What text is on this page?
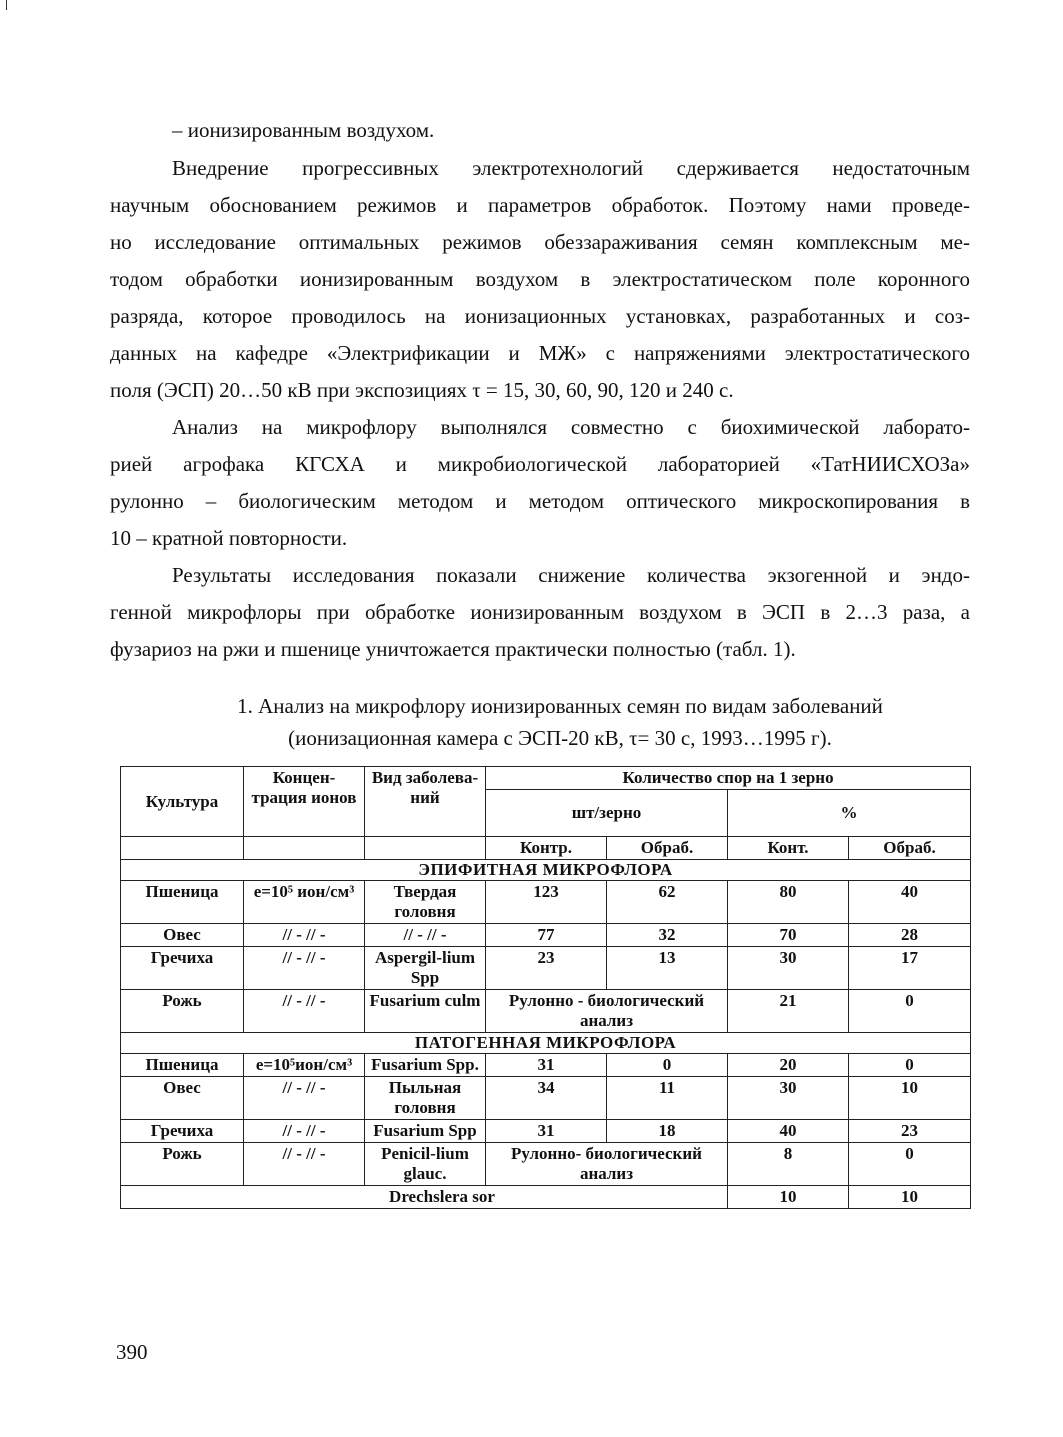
– ионизированным воздухом.
Внедрение прогрессивных электротехнологий сдерживается недостаточным
научным обоснованием режимов и параметров обработок. Поэтому нами проведе-
но исследование оптимальных режимов обеззараживания семян комплексным ме-
тодом обработки ионизированным воздухом в электростатическом поле коронного
разряда, которое проводилось на ионизационных установках, разработанных и соз-
данных на кафедре «Электрификации и МЖ» с напряжениями электростатического
поля (ЭСП) 20…50 кВ при экспозициях τ = 15, 30, 60, 90, 120 и 240 с.
Анализ на микрофлору выполнялся совместно с биохимической лаборато-
рией агрофака КГСХА и микробиологической лабораторией «ТатНИИСХОЗа»
рулонно – биологическим методом и методом оптического микроскопирования в
10 – кратной повторности.
Результаты исследования показали снижение количества экзогенной и эндо-
генной микрофлоры при обработке ионизированным воздухом в ЭСП в 2…3 раза, а
фузариоз на ржи и пшенице уничтожается практически полностью (табл. 1).
1. Анализ на микрофлору ионизированных семян по видам заболеваний
(ионизационная камера с ЭСП-20 кВ, τ= 30 с, 1993…1995 г).
Культура	Концен-трация ионов	Вид заболева-ний	Количество спор на 1 зерно			
			шт/зерно		%	
			Контр.	Обраб.	Конт.	Обраб.
ЭПИФИТНАЯ МИКРОФЛОРА						
Пшеница	e=10⁵ ион/см³	Твердая головня	123	62	80	40
Овес	// - // -	// - // -	77	32	70	28
Гречиха	// - // -	Aspergil-lium Spp	23	13	30	17
Рожь	// - // -	Fusarium culm	Рулонно - биологический анализ		21	0
ПАТОГЕННАЯ МИКРОФЛОРА						
Пшеница	e=10⁵ион/см³	Fusarium Spp.	31	0	20	0
Овес	// - // -	Пыльная головня	34	11	30	10
Гречиха	// - // -	Fusarium Spp	31	18	40	23
Рожь	// - // -	Penicil-lium glauc.	Рулонно- биологический анализ		8	0
Drechslera sor					10	10
390
